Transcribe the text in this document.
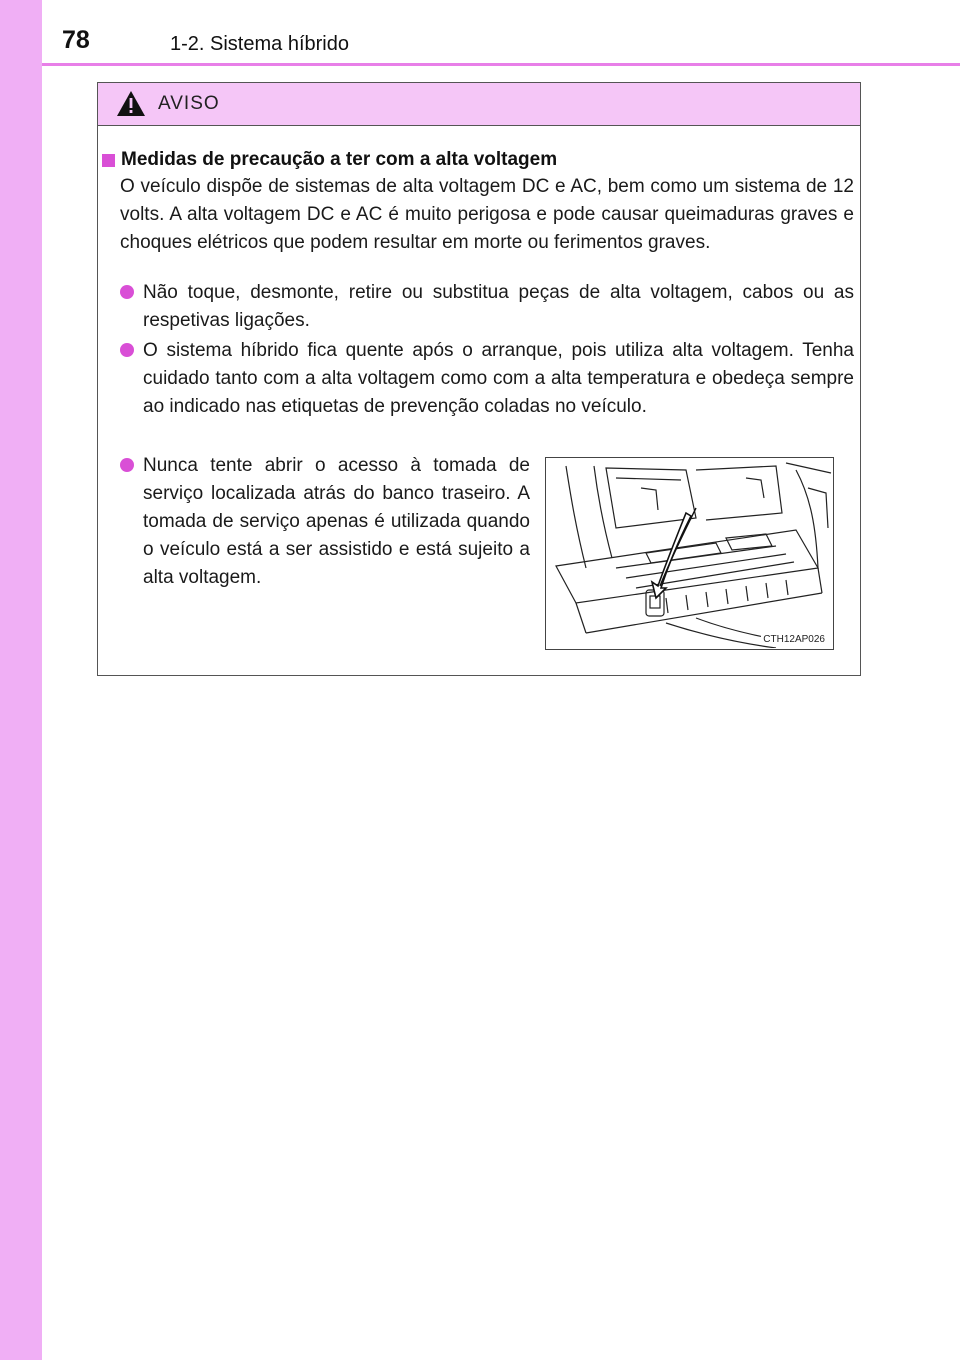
78	1-2. Sistema híbrido
AVISO
Medidas de precaução a ter com a alta voltagem
O veículo dispõe de sistemas de alta voltagem DC e AC, bem como um sistema de 12 volts. A alta voltagem DC e AC é muito perigosa e pode causar queimaduras graves e choques elétricos que podem resultar em morte ou ferimentos graves.
Não toque, desmonte, retire ou substitua peças de alta voltagem, cabos ou as respetivas ligações.
O sistema híbrido fica quente após o arranque, pois utiliza alta voltagem. Tenha cuidado tanto com a alta voltagem como com a alta temperatura e obedeça sempre ao indicado nas etiquetas de prevenção coladas no veículo.
Nunca tente abrir o acesso à tomada de serviço localizada atrás do banco traseiro. A tomada de serviço apenas é utilizada quando o veículo está a ser assistido e está sujeito a alta voltagem.
CTH12AP026
